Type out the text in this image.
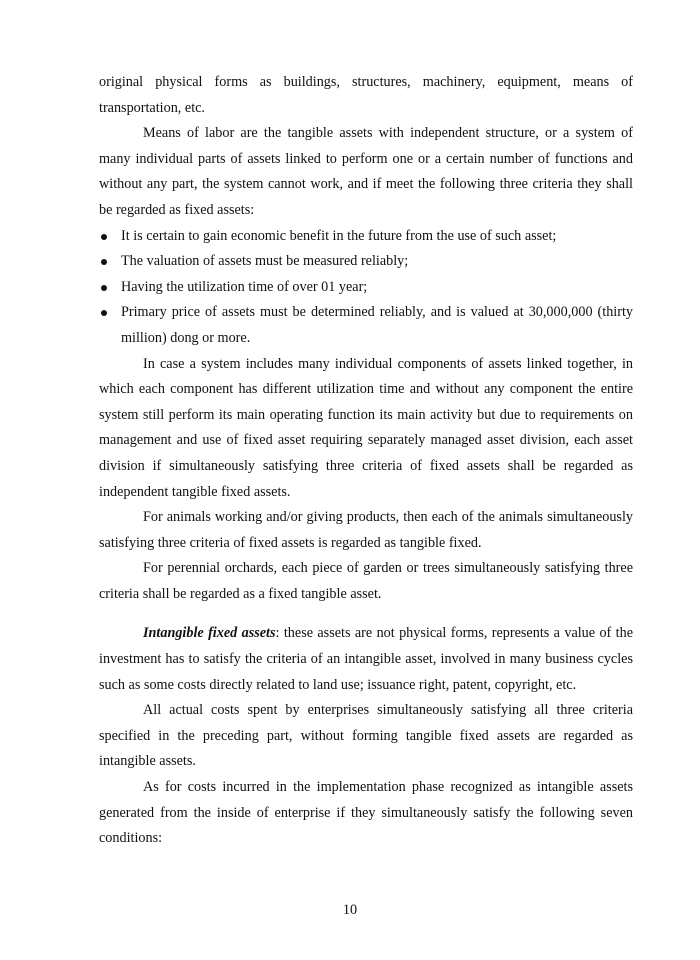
original physical forms as buildings, structures, machinery, equipment, means of transportation, etc.

Means of labor are the tangible assets with independent structure, or a system of many individual parts of assets linked to perform one or a certain number of functions and without any part, the system cannot work, and if meet the following three criteria they shall be regarded as fixed assets:

It is certain to gain economic benefit in the future from the use of such asset;
The valuation of assets must be measured reliably;
Having the utilization time of over 01 year;
Primary price of assets must be determined reliably, and is valued at 30,000,000 (thirty million) dong or more.

In case a system includes many individual components of assets linked together, in which each component has different utilization time and without any component the entire system still perform its main operating function its main activity but due to requirements on management and use of fixed asset requiring separately managed asset division, each asset division if simultaneously satisfying three criteria of fixed assets shall be regarded as independent tangible fixed assets.

For animals working and/or giving products, then each of the animals simultaneously satisfying three criteria of fixed assets is regarded as tangible fixed.

For perennial orchards, each piece of garden or trees simultaneously satisfying three criteria shall be regarded as a fixed tangible asset.

Intangible fixed assets: these assets are not physical forms, represents a value of the investment has to satisfy the criteria of an intangible asset, involved in many business cycles such as some costs directly related to land use; issuance right, patent, copyright, etc.

All actual costs spent by enterprises simultaneously satisfying all three criteria specified in the preceding part, without forming tangible fixed assets are regarded as intangible assets.

As for costs incurred in the implementation phase recognized as intangible assets generated from the inside of enterprise if they simultaneously satisfy the following seven conditions:

10
